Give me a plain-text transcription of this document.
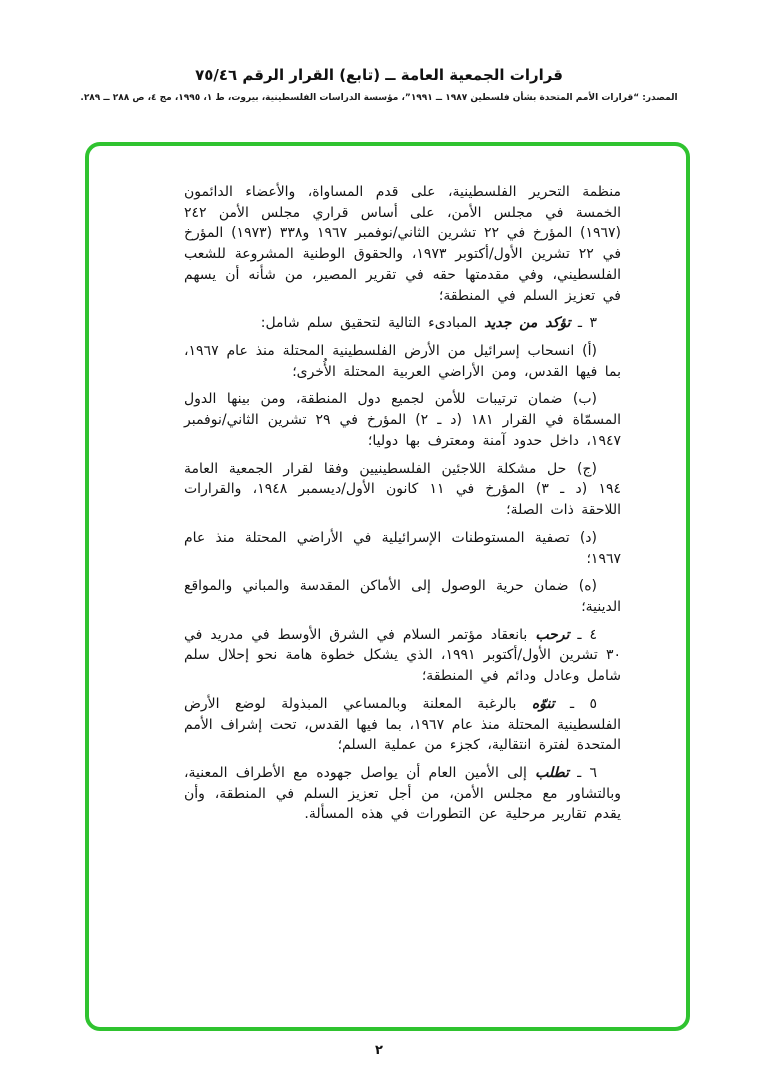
قرارات الجمعية العامة ــ (تابع) القرار الرقم ٧٥/٤٦
المصدر: “قرارات الأمم المتحدة بشأن فلسطين ١٩٨٧ ــ ١٩٩١”، مؤسسة الدراسات الفلسطينية، بيروت، ط ١، ١٩٩٥، مج ٤، ص ٢٨٨ ــ ٢٨٩.

منظمة التحرير الفلسطينية، على قدم المساواة، والأعضاء الدائمون الخمسة في مجلس الأمن، على أساس قراري مجلس الأمن ٢٤٢ (١٩٦٧) المؤرخ في ٢٢ تشرين الثاني/نوفمبر ١٩٦٧ و٣٣٨ (١٩٧٣) المؤرخ في ٢٢ تشرين الأول/أكتوبر ١٩٧٣، والحقوق الوطنية المشروعة للشعب الفلسطيني، وفي مقدمتها حقه في تقرير المصير، من شأنه أن يسهم في تعزيز السلم في المنطقة؛

٣ ـ تؤكد من جديد المبادىء التالية لتحقيق سلم شامل:

(أ) انسحاب إسرائيل من الأرض الفلسطينية المحتلة منذ عام ١٩٦٧، بما فيها القدس، ومن الأراضي العربية المحتلة الأُخرى؛

(ب) ضمان ترتيبات للأمن لجميع دول المنطقة، ومن بينها الدول المسمّاة في القرار ١٨١ (د ـ ٢) المؤرخ في ٢٩ تشرين الثاني/نوفمبر ١٩٤٧، داخل حدود آمنة ومعترف بها دوليا؛

(ج) حل مشكلة اللاجئين الفلسطينيين وفقا لقرار الجمعية العامة ١٩٤ (د ـ ٣) المؤرخ في ١١ كانون الأول/ديسمبر ١٩٤٨، والقرارات اللاحقة ذات الصلة؛

(د) تصفية المستوطنات الإسرائيلية في الأراضي المحتلة منذ عام ١٩٦٧؛

(ه) ضمان حرية الوصول إلى الأماكن المقدسة والمباني والمواقع الدينية؛

٤ ـ ترحب بانعقاد مؤتمر السلام في الشرق الأوسط في مدريد في ٣٠ تشرين الأول/أكتوبر ١٩٩١، الذي يشكل خطوة هامة نحو إحلال سلم شامل وعادل ودائم في المنطقة؛

٥ ـ تنوّه بالرغبة المعلنة وبالمساعي المبذولة لوضع الأرض الفلسطينية المحتلة منذ عام ١٩٦٧، بما فيها القدس، تحت إشراف الأمم المتحدة لفترة انتقالية، كجزء من عملية السلم؛

٦ ـ تطلب إلى الأمين العام أن يواصل جهوده مع الأطراف المعنية، وبالتشاور مع مجلس الأمن، من أجل تعزيز السلم في المنطقة، وأن يقدم تقارير مرحلية عن التطورات في هذه المسألة.

٢
